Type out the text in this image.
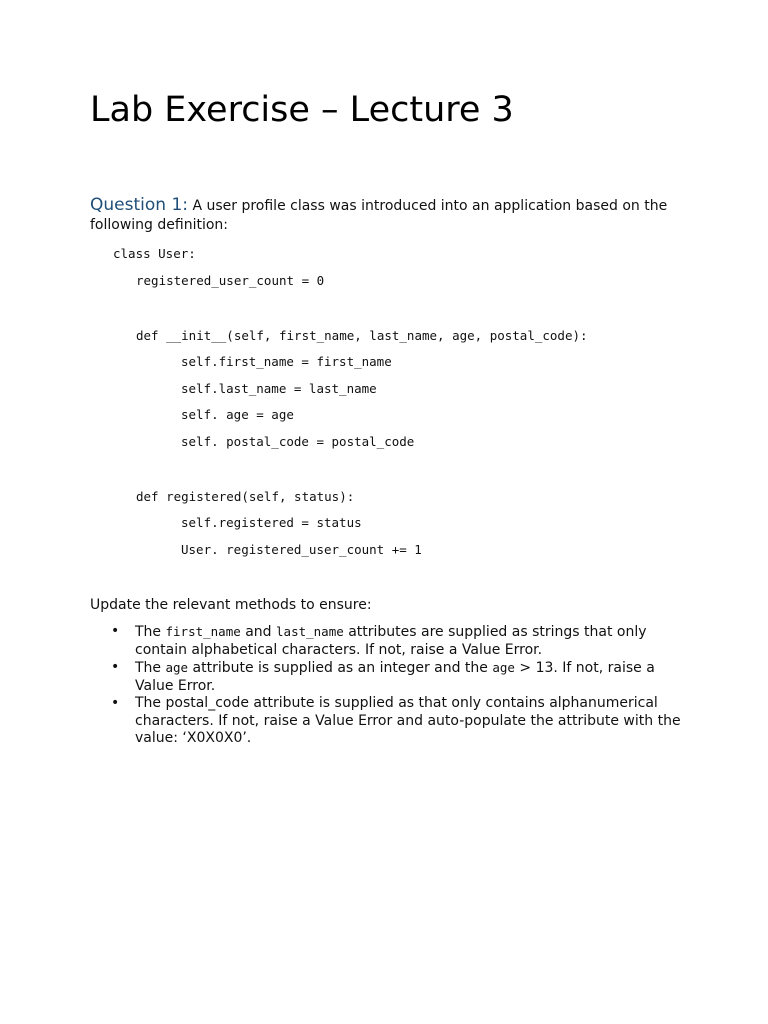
Lab Exercise – Lecture 3
Question 1: A user profile class was introduced into an application based on the
following definition:
class User:
registered_user_count = 0
def __init__(self, first_name, last_name, age, postal_code):
self.first_name = first_name
self.last_name = last_name
self. age = age
self. postal_code = postal_code
def registered(self, status):
self.registered = status
User. registered_user_count += 1
Update the relevant methods to ensure:
• The first_name and last_name attributes are supplied as strings that only
contain alphabetical characters. If not, raise a Value Error.
• The age attribute is supplied as an integer and the age > 13. If not, raise a
Value Error.
• The postal_code attribute is supplied as that only contains alphanumerical
characters. If not, raise a Value Error and auto-populate the attribute with the
value: ‘X0X0X0’.
